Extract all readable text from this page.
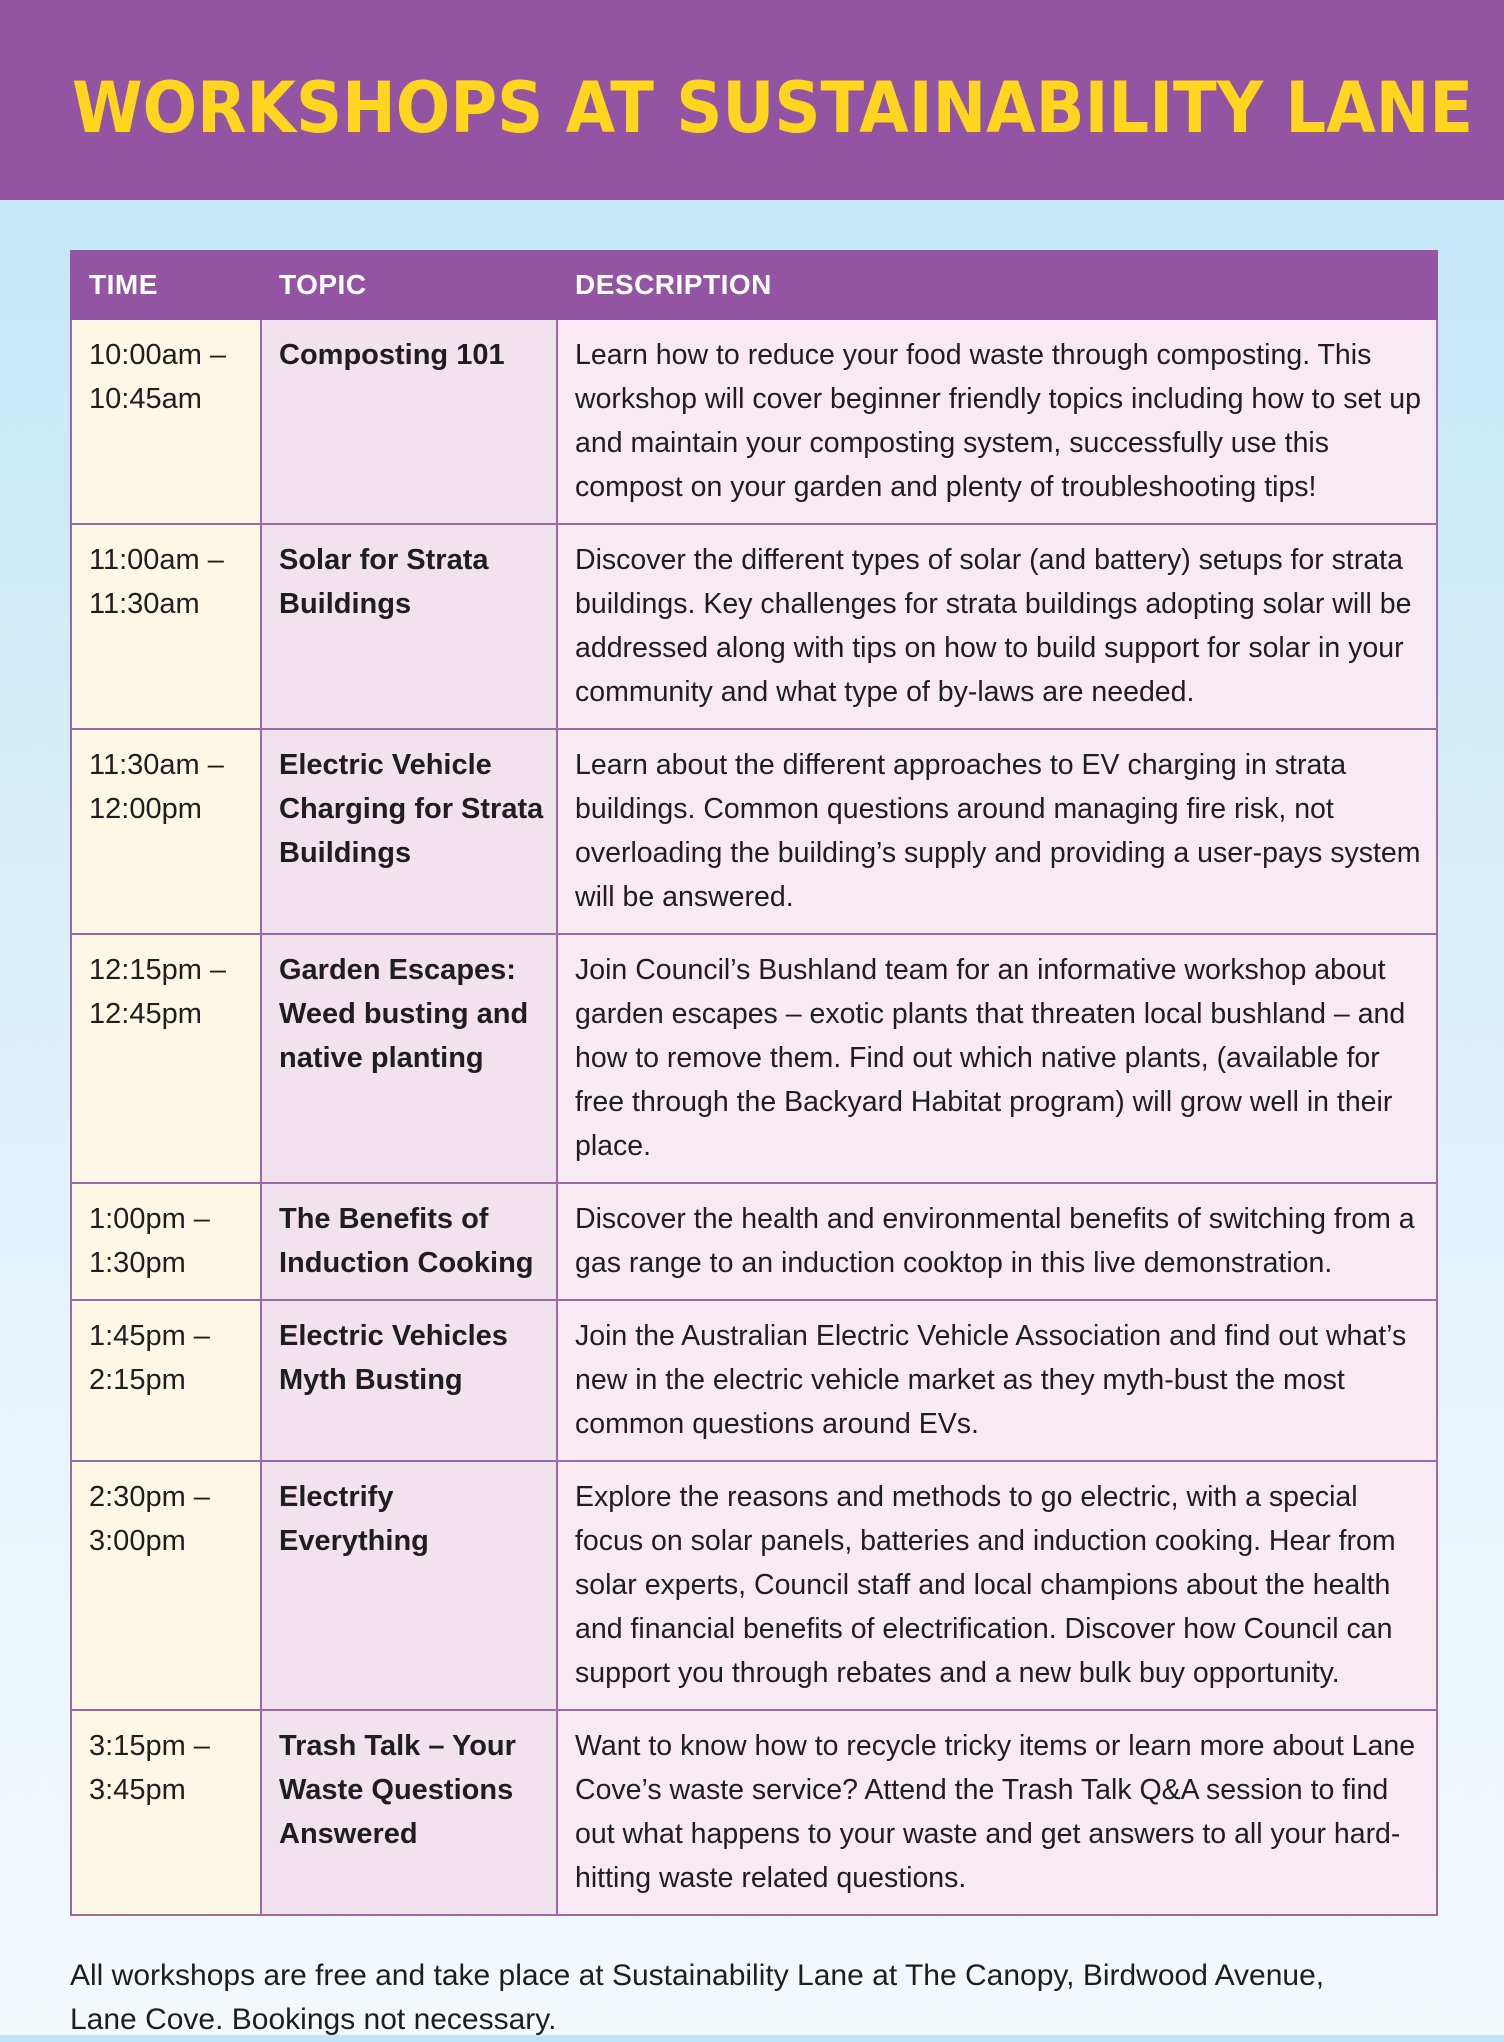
WORKSHOPS AT SUSTAINABILITY LANE
TIME	TOPIC	DESCRIPTION
10:00am – 10:45am	Composting 101	Learn how to reduce your food waste through composting. This workshop will cover beginner friendly topics including how to set up and maintain your composting system, successfully use this compost on your garden and plenty of troubleshooting tips!
11:00am – 11:30am	Solar for Strata Buildings	Discover the different types of solar (and battery) setups for strata buildings. Key challenges for strata buildings adopting solar will be addressed along with tips on how to build support for solar in your community and what type of by-laws are needed.
11:30am – 12:00pm	Electric Vehicle Charging for Strata Buildings	Learn about the different approaches to EV charging in strata buildings. Common questions around managing fire risk, not overloading the building’s supply and providing a user-pays system will be answered.
12:15pm – 12:45pm	Garden Escapes: Weed busting and native planting	Join Council’s Bushland team for an informative workshop about garden escapes – exotic plants that threaten local bushland – and how to remove them. Find out which native plants, (available for free through the Backyard Habitat program) will grow well in their place.
1:00pm – 1:30pm	The Benefits of Induction Cooking	Discover the health and environmental benefits of switching from a gas range to an induction cooktop in this live demonstration.
1:45pm – 2:15pm	Electric Vehicles Myth Busting	Join the Australian Electric Vehicle Association and find out what’s new in the electric vehicle market as they myth-bust the most common questions around EVs.
2:30pm – 3:00pm	Electrify Everything	Explore the reasons and methods to go electric, with a special focus on solar panels, batteries and induction cooking. Hear from solar experts, Council staff and local champions about the health and financial benefits of electrification. Discover how Council can support you through rebates and a new bulk buy opportunity.
3:15pm – 3:45pm	Trash Talk – Your Waste Questions Answered	Want to know how to recycle tricky items or learn more about Lane Cove’s waste service? Attend the Trash Talk Q&A session to find out what happens to your waste and get answers to all your hard-hitting waste related questions.

All workshops are free and take place at Sustainability Lane at The Canopy, Birdwood Avenue, Lane Cove. Bookings not necessary.
